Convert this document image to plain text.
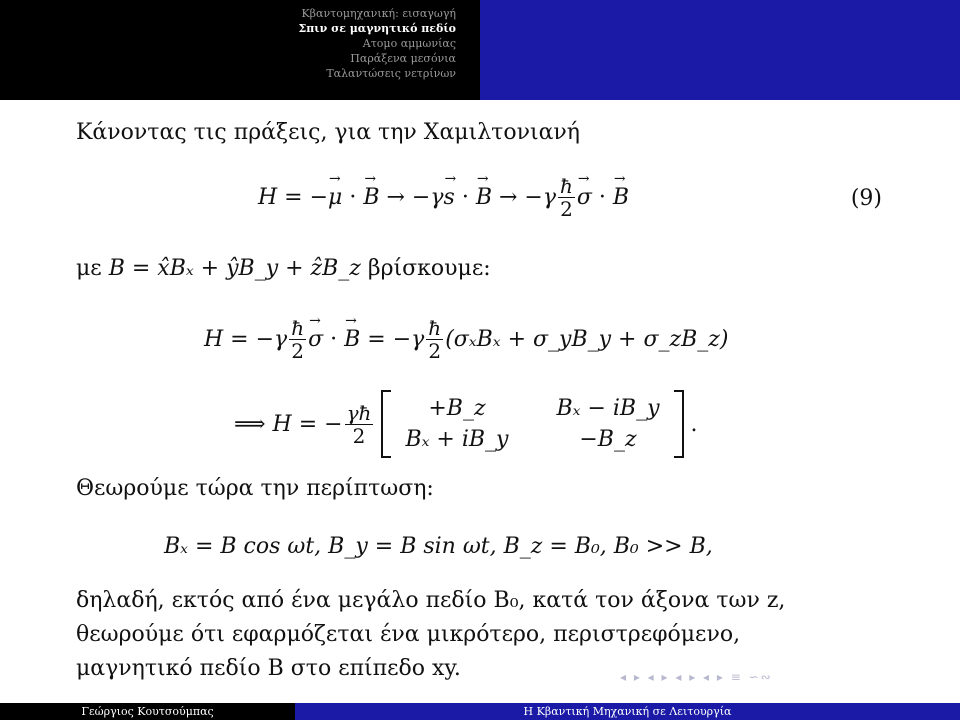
Κβαντομηχανική: εισαγωγή
Σπιν σε μαγνητικό πεδίο
Ατομο αμμωνίας
Παράξενα μεσόνια
Ταλαντώσεις νετρίνων
Κάνοντας τις πράξεις, για την Χαμιλτονιανή
H = −
→ μ ·
→ B → − γ
→ s ·
→ B → − γ $\frac{ħ}{2}$
→ σ ·
→ B	(9)
με B = x̂Bₓ + ŷB_y + ẑB_z βρίσκουμε:
H = − γ $\frac{ħ}{2}$
→ σ ·
→ B = − γ $\frac{ħ}{2} (\sigma_xB_x$ + σ_yB_y + σ_zB_z)
⟹ H = − $\frac{\gamma ħ}{2}$	+B_z	Bₓ − iB_y
Bₓ + iB_y	−B_z
.
Θεωρούμε τώρα την περίπτωση:
Bₓ = B cos ωt, B_y = B sin ωt, B_z = B₀, B₀ >> B,
δηλαδή, εκτός από ένα μεγάλο πεδίο B₀, κατά τον άξονα των z,
θεωρούμε ότι εφαρμόζεται ένα μικρότερο, περιστρεφόμενο,
μαγνητικό πεδίο B στο επίπεδο xy.	◂ ▸ ◂ ▸ ◂ ▸ ◂ ▸ ≡ ∽∾
Γεώργιος Κουτσούμπας	Η Κβαντική Μηχανική σε Λειτουργία
